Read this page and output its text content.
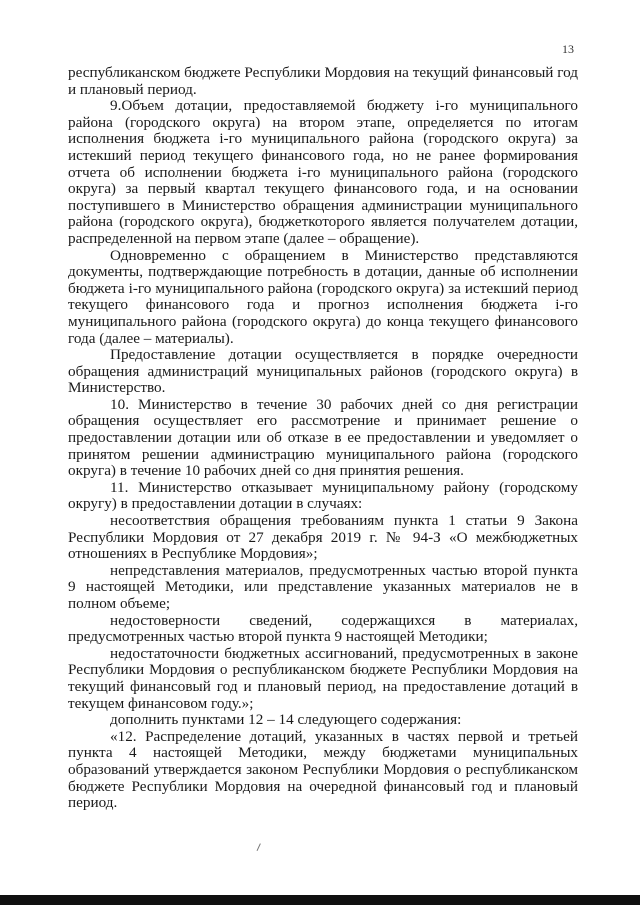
13

республиканском бюджете Республики Мордовия на текущий финансовый год и плановый период.

9.Объем дотации, предоставляемой бюджету i-го муниципального района (городского округа) на втором этапе, определяется по итогам исполнения бюджета i-го муниципального района (городского округа) за истекший период текущего финансового года, но не ранее формирования отчета об исполнении бюджета i-го муниципального района (городского округа) за первый квартал текущего финансового года, и на основании поступившего в Министерство обращения администрации муниципального района (городского округа), бюджеткоторого является получателем дотации, распределенной на первом этапе (далее – обращение).

Одновременно с обращением в Министерство представляются документы, подтверждающие потребность в дотации, данные об исполнении бюджета i-го муниципального района (городского округа) за истекший период текущего финансового года и прогноз исполнения бюджета i-го муниципального района (городского округа) до конца текущего финансового года (далее – материалы).

Предоставление дотации осуществляется в порядке очередности обращения администраций муниципальных районов (городского округа) в Министерство.

10. Министерство в течение 30 рабочих дней со дня регистрации обращения осуществляет его рассмотрение и принимает решение о предоставлении дотации или об отказе в ее предоставлении и уведомляет о принятом решении администрацию муниципального района (городского округа) в течение 10 рабочих дней со дня принятия решения.

11. Министерство отказывает муниципальному району (городскому округу) в предоставлении дотации в случаях:

несоответствия обращения требованиям пункта 1 статьи 9 Закона Республики Мордовия от 27 декабря 2019 г. № 94-З «О межбюджетных отношениях в Республике Мордовия»;

непредставления материалов, предусмотренных частью второй пункта 9 настоящей Методики, или представление указанных материалов не в полном объеме;

недостоверности сведений, содержащихся в материалах, предусмотренных частью второй пункта 9 настоящей Методики;

недостаточности бюджетных ассигнований, предусмотренных в законе Республики Мордовия о республиканском бюджете Республики Мордовия на текущий финансовый год и плановый период, на предоставление дотаций в текущем финансовом году.»;

дополнить пунктами 12 – 14 следующего содержания:

«12. Распределение дотаций, указанных в частях первой и третьей пункта 4 настоящей Методики, между бюджетами муниципальных образований утверждается законом Республики Мордовия о республиканском бюджете Республики Мордовия на очередной финансовый год и плановый период.
